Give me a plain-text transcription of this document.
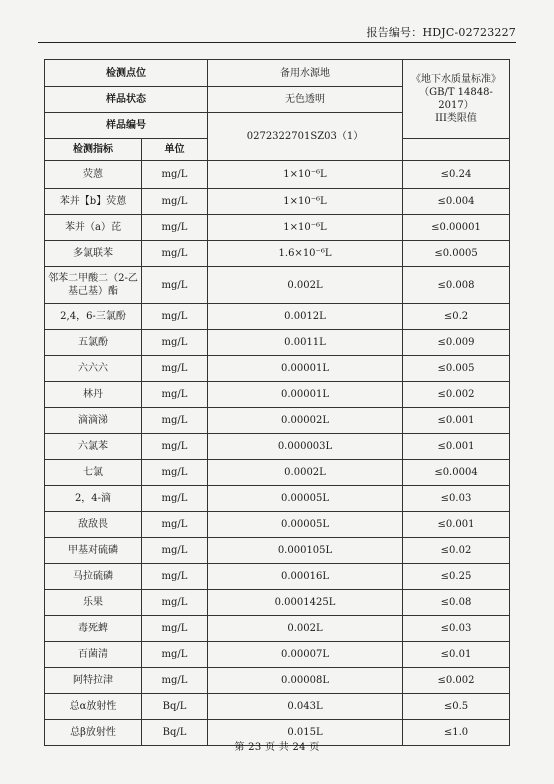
报告编号：HDJC-02723227
检测点位		备用水源地	《地下水质量标准》
（GB/T 14848-2017）
III类限值

样品状态		无色透明	
样品编号		0272322701SZ03（1）	
检测指标	单位		
荧蒽	mg/L	1×10⁻⁶L	≤0.24
苯并【b】荧蒽	mg/L	1×10⁻⁶L	≤0.004
苯并（a）芘	mg/L	1×10⁻⁶L	≤0.00001
多氯联苯	mg/L	1.6×10⁻⁶L	≤0.0005
邻苯二甲酸二（2-乙基己基）酯	mg/L	0.002L	≤0.008
2,4，6-三氯酚	mg/L	0.0012L	≤0.2
五氯酚	mg/L	0.0011L	≤0.009
六六六	mg/L	0.00001L	≤0.005
林丹	mg/L	0.00001L	≤0.002
滴滴涕	mg/L	0.00002L	≤0.001
六氯苯	mg/L	0.000003L	≤0.001
七氯	mg/L	0.0002L	≤0.0004
2，4-滴	mg/L	0.00005L	≤0.03
敌敌畏	mg/L	0.00005L	≤0.001
甲基对硫磷	mg/L	0.000105L	≤0.02
马拉硫磷	mg/L	0.00016L	≤0.25
乐果	mg/L	0.0001425L	≤0.08
毒死蜱	mg/L	0.002L	≤0.03
百菌清	mg/L	0.00007L	≤0.01
阿特拉津	mg/L	0.00008L	≤0.002
总α放射性	Bq/L	0.043L	≤0.5
总β放射性	Bq/L	0.015L	≤1.0
第 23 页 共 24 页
